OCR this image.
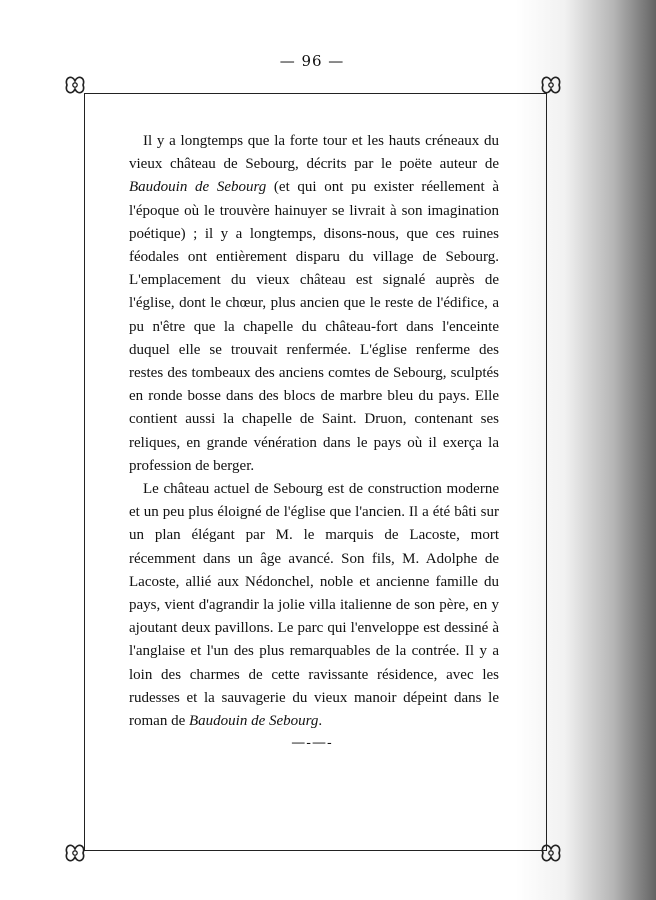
— 96 —

Il y a longtemps que la forte tour et les hauts créneaux du vieux château de Sebourg, décrits par le poëte auteur de Baudouin de Sebourg (et qui ont pu exister réellement à l'époque où le trouvère hainuyer se livrait à son imagination poétique) ; il y a longtemps, disons-nous, que ces ruines féodales ont entièrement disparu du village de Sebourg. L'emplacement du vieux château est signalé auprès de l'église, dont le chœur, plus ancien que le reste de l'édifice, a pu n'être que la chapelle du château-fort dans l'enceinte duquel elle se trouvait renfermée. L'église renferme des restes des tombeaux des anciens comtes de Sebourg, sculptés en ronde bosse dans des blocs de marbre bleu du pays. Elle contient aussi la chapelle de Saint. Druon, contenant ses reliques, en grande vénération dans le pays où il exerça la profession de berger.

Le château actuel de Sebourg est de construction moderne et un peu plus éloigné de l'église que l'ancien. Il a été bâti sur un plan élégant par M. le marquis de Lacoste, mort récemment dans un âge avancé. Son fils, M. Adolphe de Lacoste, allié aux Nédonchel, noble et ancienne famille du pays, vient d'agrandir la jolie villa italienne de son père, en y ajoutant deux pavillons. Le parc qui l'enveloppe est dessiné à l'anglaise et l'un des plus remarquables de la contrée. Il y a loin des charmes de cette ravissante résidence, avec les rudesses et la sauvagerie du vieux manoir dépeint dans le roman de Baudouin de Sebourg.

—-—-
